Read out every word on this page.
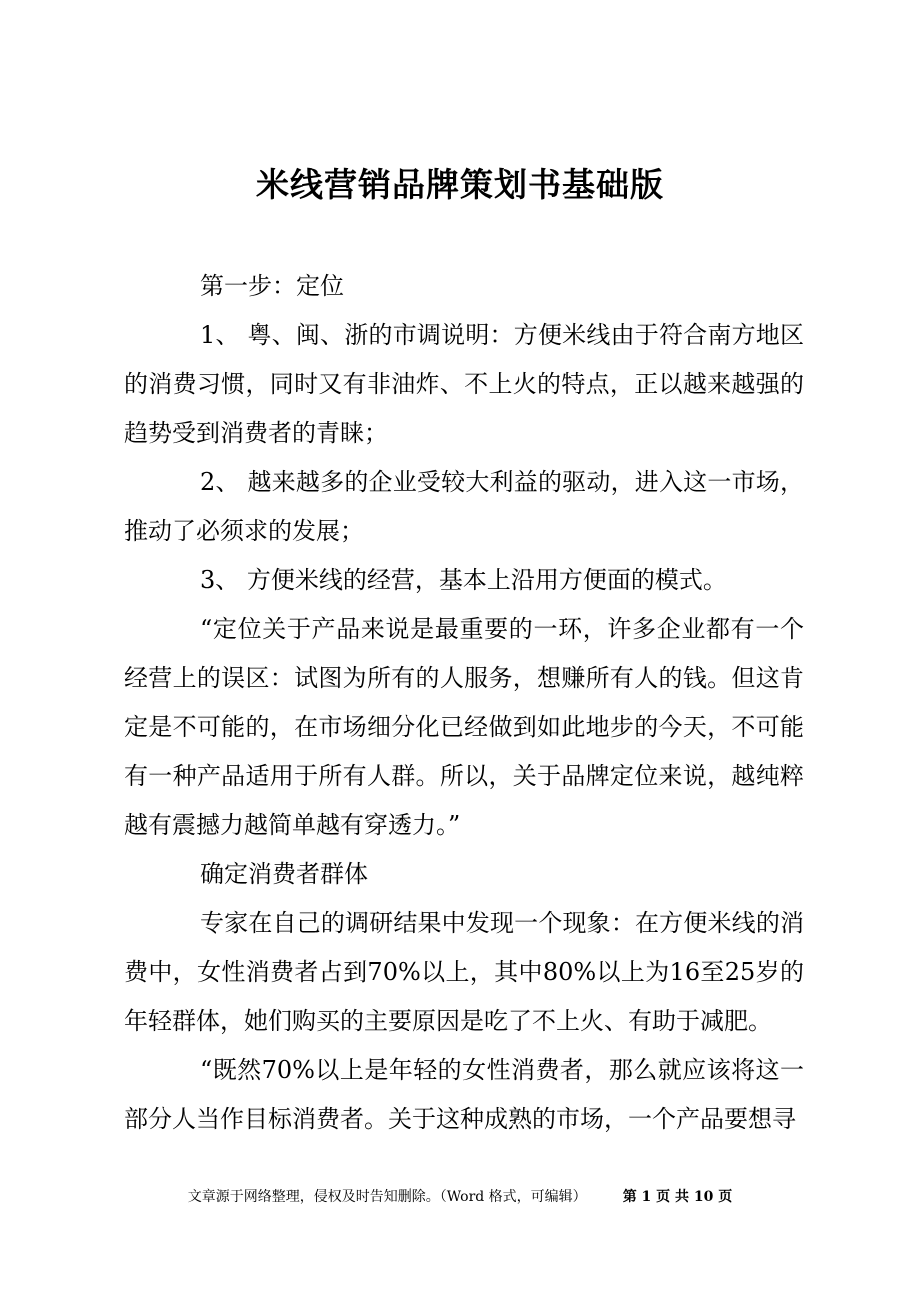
米线营销品牌策划书基础版

第一步：定位

1、 粤、闽、浙的市调说明：方便米线由于符合南方地区的消费习惯，同时又有非油炸、不上火的特点，正以越来越强的趋势受到消费者的青睐；

2、 越来越多的企业受较大利益的驱动，进入这一市场，推动了必须求的发展；

3、 方便米线的经营，基本上沿用方便面的模式。

“定位关于产品来说是最重要的一环，许多企业都有一个经营上的误区：试图为所有的人服务，想赚所有人的钱。但这肯定是不可能的，在市场细分化已经做到如此地步的今天，不可能有一种产品适用于所有人群。所以，关于品牌定位来说，越纯粹越有震撼力越简单越有穿透力。”

确定消费者群体

专家在自己的调研结果中发现一个现象：在方便米线的消费中，女性消费者占到70%以上，其中80%以上为16至25岁的年轻群体，她们购买的主要原因是吃了不上火、有助于减肥。

“既然70%以上是年轻的女性消费者，那么就应该将这一部分人当作目标消费者。关于这种成熟的市场，一个产品要想寻

文章源于网络整理，侵权及时告知删除。（Word 格式，可编辑）	第 1 页 共 10 页
